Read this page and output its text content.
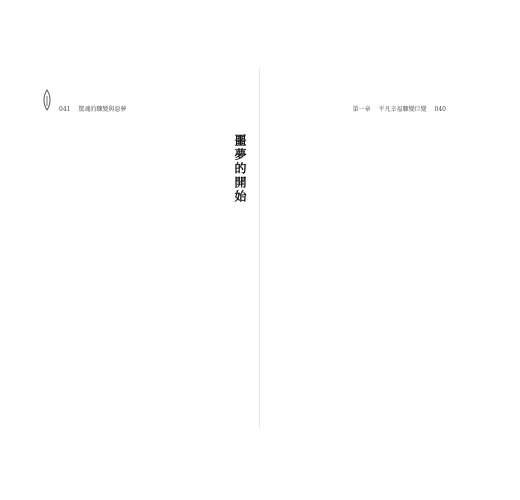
041 驚魂的驟變與惡夢
噩夢的開始
第一章 平凡幸福驟變巨變 040
